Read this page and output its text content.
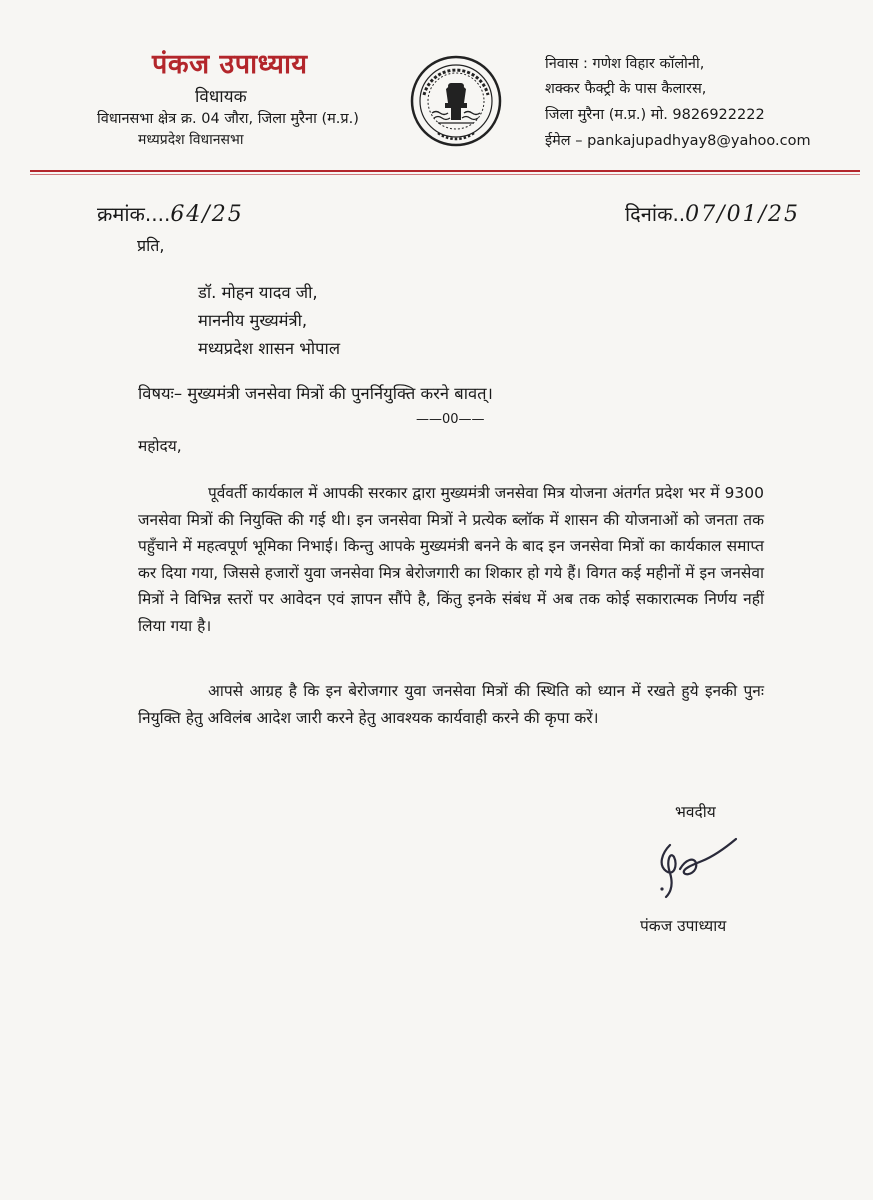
पंकज उपाध्याय
विधायक
विधानसभा क्षेत्र क्र. 04 जौरा, जिला मुरैना (म.प्र.)
मध्यप्रदेश विधानसभा
निवास : गणेश विहार कॉलोनी,
शक्कर फैक्ट्री के पास कैलारस,
जिला मुरैना (म.प्र.) मो. 9826922222
ईमेल – pankajupadhyay8@yahoo.com
क्रमांक....64/25	दिनांक..07/01/25
प्रति,
डॉ. मोहन यादव जी,
माननीय मुख्यमंत्री,
मध्यप्रदेश शासन भोपाल
विषयः– मुख्यमंत्री जनसेवा मित्रों की पुनर्नियुक्ति करने बावत्।
——00——
महोदय,
पूर्ववर्ती कार्यकाल में आपकी सरकार द्वारा मुख्यमंत्री जनसेवा मित्र योजना अंतर्गत प्रदेश भर में 9300 जनसेवा मित्रों की नियुक्ति की गई थी। इन जनसेवा मित्रों ने प्रत्येक ब्लॉक में शासन की योजनाओं को जनता तक पहुँचाने में महत्वपूर्ण भूमिका निभाई। किन्तु आपके मुख्यमंत्री बनने के बाद इन जनसेवा मित्रों का कार्यकाल समाप्त कर दिया गया, जिससे हजारों युवा जनसेवा मित्र बेरोजगारी का शिकार हो गये हैं। विगत कई महीनों में इन जनसेवा मित्रों ने विभिन्न स्तरों पर आवेदन एवं ज्ञापन सौंपे है, किंतु इनके संबंध में अब तक कोई सकारात्मक निर्णय नहीं लिया गया है।
आपसे आग्रह है कि इन बेरोजगार युवा जनसेवा मित्रों की स्थिति को ध्यान में रखते हुये इनकी पुनः नियुक्ति हेतु अविलंब आदेश जारी करने हेतु आवश्यक कार्यवाही करने की कृपा करें।
भवदीय
पंकज उपाध्याय
